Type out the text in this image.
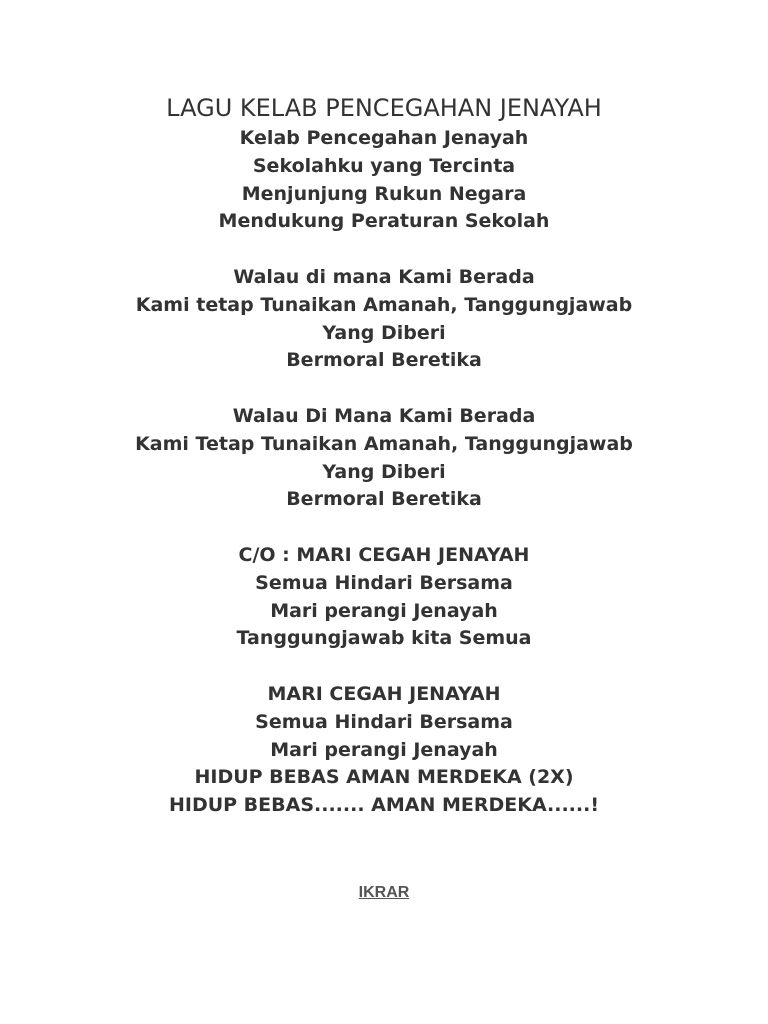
LAGU KELAB PENCEGAHAN JENAYAH
Kelab Pencegahan Jenayah
Sekolahku yang Tercinta
Menjunjung Rukun Negara
Mendukung Peraturan Sekolah
Walau di mana Kami Berada
Kami tetap Tunaikan Amanah, Tanggungjawab
Yang Diberi
Bermoral Beretika
Walau Di Mana Kami Berada
Kami Tetap Tunaikan Amanah, Tanggungjawab
Yang Diberi
Bermoral Beretika
C/O : MARI CEGAH JENAYAH
Semua Hindari Bersama
Mari perangi Jenayah
Tanggungjawab kita Semua
MARI CEGAH JENAYAH
Semua Hindari Bersama
Mari perangi Jenayah
HIDUP BEBAS AMAN MERDEKA (2X)
HIDUP BEBAS....... AMAN MERDEKA......!
IKRAR
